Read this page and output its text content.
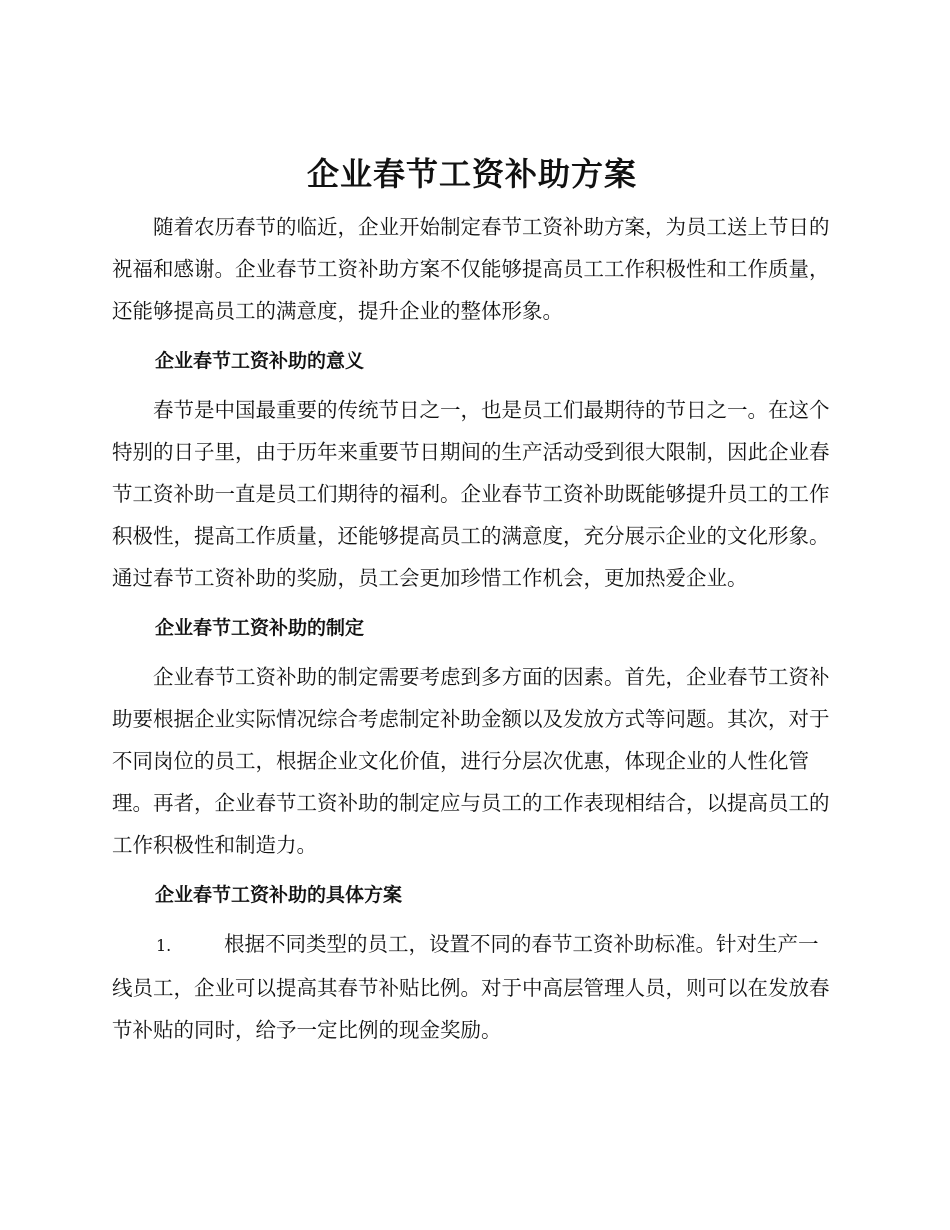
企业春节工资补助方案

随着农历春节的临近，企业开始制定春节工资补助方案，为员工送上节日的祝福和感谢。企业春节工资补助方案不仅能够提高员工工作积极性和工作质量，还能够提高员工的满意度，提升企业的整体形象。

企业春节工资补助的意义

春节是中国最重要的传统节日之一，也是员工们最期待的节日之一。在这个特别的日子里，由于历年来重要节日期间的生产活动受到很大限制，因此企业春节工资补助一直是员工们期待的福利。企业春节工资补助既能够提升员工的工作积极性，提高工作质量，还能够提高员工的满意度，充分展示企业的文化形象。通过春节工资补助的奖励，员工会更加珍惜工作机会，更加热爱企业。

企业春节工资补助的制定

企业春节工资补助的制定需要考虑到多方面的因素。首先，企业春节工资补助要根据企业实际情况综合考虑制定补助金额以及发放方式等问题。其次，对于不同岗位的员工，根据企业文化价值，进行分层次优惠，体现企业的人性化管理。再者，企业春节工资补助的制定应与员工的工作表现相结合，以提高员工的工作积极性和制造力。

企业春节工资补助的具体方案

1.	根据不同类型的员工，设置不同的春节工资补助标准。针对生产一线员工，企业可以提高其春节补贴比例。对于中高层管理人员，则可以在发放春节补贴的同时，给予一定比例的现金奖励。
